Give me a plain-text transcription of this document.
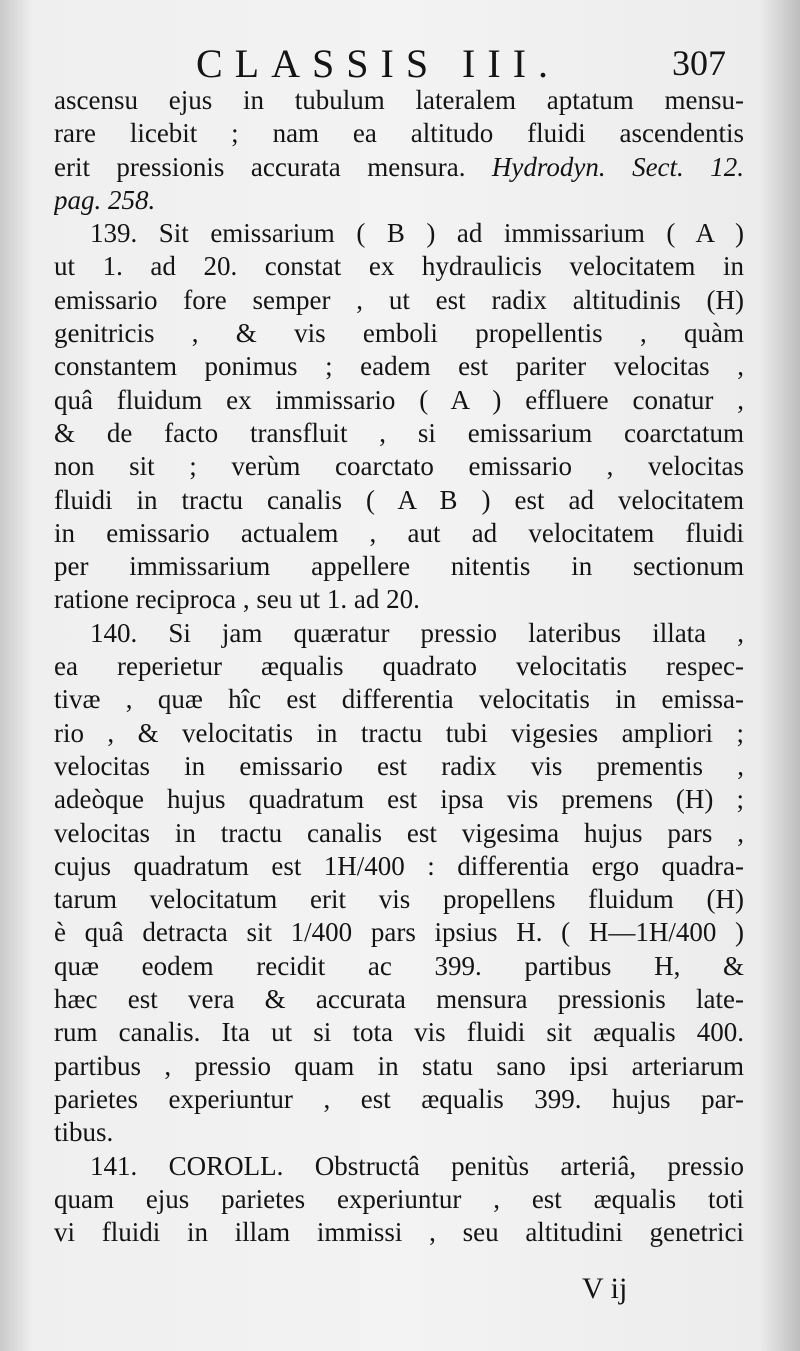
CLASSIS III.	307
ascensu ejus in tubulum lateralem aptatum mensu-
rare licebit ; nam ea altitudo fluidi ascendentis
erit pressionis accurata mensura. Hydrodyn. Sect. 12.
pag. 258.
139. Sit emissarium ( B ) ad immissarium ( A )
ut 1. ad 20. constat ex hydraulicis velocitatem in
emissario fore semper , ut est radix altitudinis (H)
genitricis , & vis emboli propellentis , quàm
constantem ponimus ; eadem est pariter velocitas ,
quâ fluidum ex immissario ( A ) effluere conatur ,
& de facto transfluit , si emissarium coarctatum
non sit ; verùm coarctato emissario , velocitas
fluidi in tractu canalis ( A B ) est ad velocitatem
in emissario actualem , aut ad velocitatem fluidi
per immissarium appellere nitentis in sectionum
ratione reciproca , seu ut 1. ad 20.
140. Si jam quæratur pressio lateribus illata ,
ea reperietur æqualis quadrato velocitatis respec-
tivæ , quæ hîc est differentia velocitatis in emissa-
rio , & velocitatis in tractu tubi vigesies ampliori ;
velocitas in emissario est radix vis prementis ,
adeòque hujus quadratum est ipsa vis premens (H) ;
velocitas in tractu canalis est vigesima hujus pars ,
cujus quadratum est 1H/400 : differentia ergo quadra-
tarum velocitatum erit vis propellens fluidum (H)
è quâ detracta sit 1/400 pars ipsius H. ( H—1H/400 )
quæ eodem recidit ac 399. partibus H, &
hæc est vera & accurata mensura pressionis late-
rum canalis. Ita ut si tota vis fluidi sit æqualis 400.
partibus , pressio quam in statu sano ipsi arteriarum
parietes experiuntur , est æqualis 399. hujus par-
tibus.
141. COROLL. Obstructâ penitùs arteriâ, pressio
quam ejus parietes experiuntur , est æqualis toti
vi fluidi in illam immissi , seu altitudini genetrici
V ij
